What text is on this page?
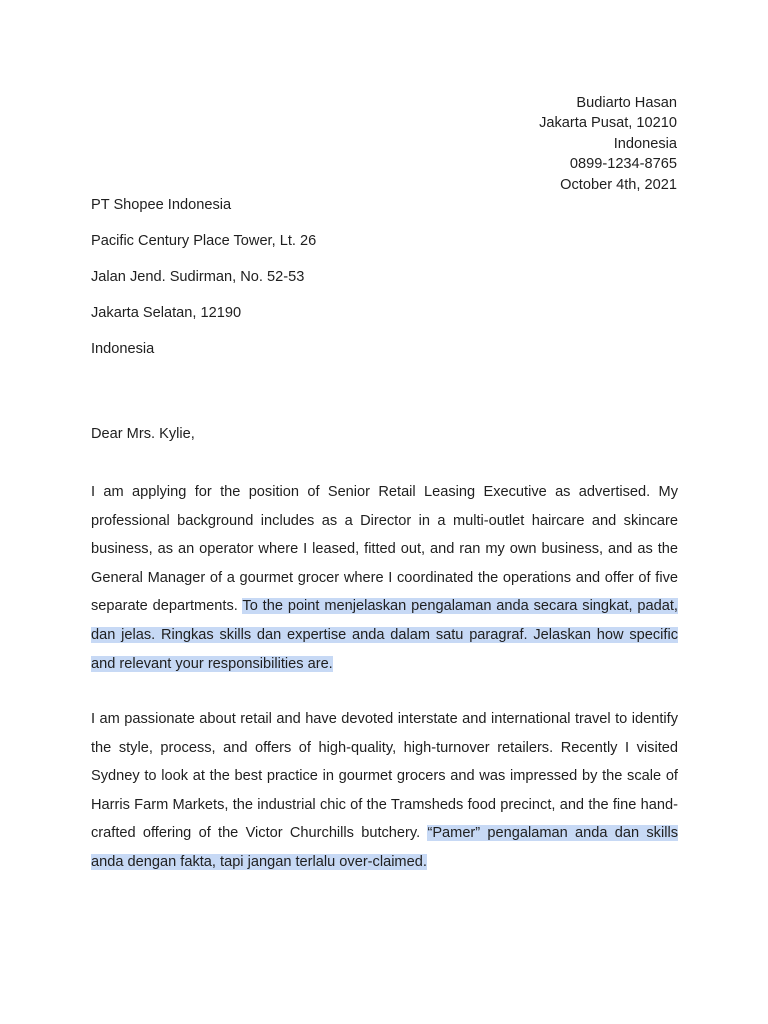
Budiarto Hasan
Jakarta Pusat, 10210
Indonesia
0899-1234-8765
October 4th, 2021
PT Shopee Indonesia
Pacific Century Place Tower, Lt. 26
Jalan Jend. Sudirman, No. 52-53
Jakarta Selatan, 12190
Indonesia
Dear Mrs. Kylie,
I am applying for the position of Senior Retail Leasing Executive as advertised. My professional background includes as a Director in a multi-outlet haircare and skincare business, as an operator where I leased, fitted out, and ran my own business, and as the General Manager of a gourmet grocer where I coordinated the operations and offer of five separate departments. To the point menjelaskan pengalaman anda secara singkat, padat, dan jelas. Ringkas skills dan expertise anda dalam satu paragraf. Jelaskan how specific and relevant your responsibilities are.
I am passionate about retail and have devoted interstate and international travel to identify the style, process, and offers of high-quality, high-turnover retailers. Recently I visited Sydney to look at the best practice in gourmet grocers and was impressed by the scale of Harris Farm Markets, the industrial chic of the Tramsheds food precinct, and the fine hand-crafted offering of the Victor Churchills butchery. “Pamer” pengalaman anda dan skills anda dengan fakta, tapi jangan terlalu over-claimed.
